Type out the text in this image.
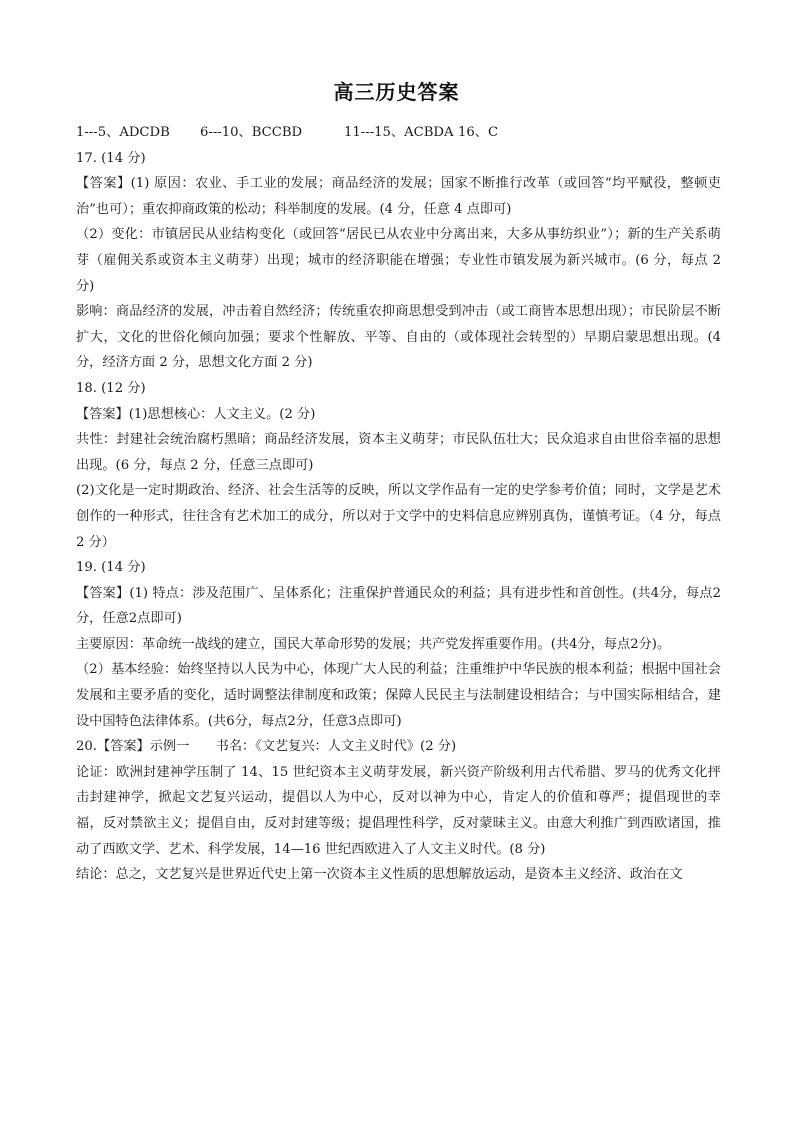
高三历史答案
1---5、ADCDB	6---10、BCCBD	11---15、ACBDA 16、C

17. (14 分)

【答案】(1) 原因：农业、手工业的发展；商品经济的发展；国家不断推行改革（或回答“均平赋役，整顿吏治”也可）；重农抑商政策的松动；科举制度的发展。(4 分，任意 4 点即可)

（2）变化：市镇居民从业结构变化（或回答“居民已从农业中分离出来，大多从事纺织业”）；新的生产关系萌芽（雇佣关系或资本主义萌芽）出现；城市的经济职能在增强；专业性市镇发展为新兴城市。(6 分，每点 2 分)

影响：商品经济的发展，冲击着自然经济；传统重农抑商思想受到冲击（或工商皆本思想出现）；市民阶层不断扩大，文化的世俗化倾向加强；要求个性解放、平等、自由的（或体现社会转型的）早期启蒙思想出现。(4 分，经济方面 2 分，思想文化方面 2 分)

18. (12 分)

【答案】(1)思想核心：人文主义。(2 分)

共性：封建社会统治腐朽黑暗；商品经济发展，资本主义萌芽；市民队伍壮大；民众追求自由世俗幸福的思想出现。(6 分，每点 2 分，任意三点即可)

(2)文化是一定时期政治、经济、社会生活等的反映，所以文学作品有一定的史学参考价值；同时，文学是艺术创作的一种形式，往往含有艺术加工的成分，所以对于文学中的史料信息应辨别真伪，谨慎考证。（4 分，每点 2 分）

19. (14 分)

【答案】(1) 特点：涉及范围广、呈体系化；注重保护普通民众的利益；具有进步性和首创性。(共4分，每点2分，任意2点即可)

主要原因：革命统一战线的建立，国民大革命形势的发展；共产党发挥重要作用。(共4分，每点2分)。

（2）基本经验：始终坚持以人民为中心，体现广大人民的利益；注重维护中华民族的根本利益；根据中国社会发展和主要矛盾的变化，适时调整法律制度和政策；保障人民民主与法制建设相结合；与中国实际相结合，建设中国特色法律体系。(共6分，每点2分，任意3点即可)

20.【答案】示例一　　书名：《文艺复兴：人文主义时代》(2 分)

论证：欧洲封建神学压制了 14、15 世纪资本主义萌芽发展，新兴资产阶级利用古代希腊、罗马的优秀文化抨击封建神学，掀起文艺复兴运动，提倡以人为中心，反对以神为中心，肯定人的价值和尊严；提倡现世的幸福，反对禁欲主义；提倡自由，反对封建等级；提倡理性科学，反对蒙昧主义。由意大利推广到西欧诸国，推动了西欧文学、艺术、科学发展，14—16 世纪西欧进入了人文主义时代。(8 分)

结论：总之，文艺复兴是世界近代史上第一次资本主义性质的思想解放运动，是资本主义经济、政治在文
